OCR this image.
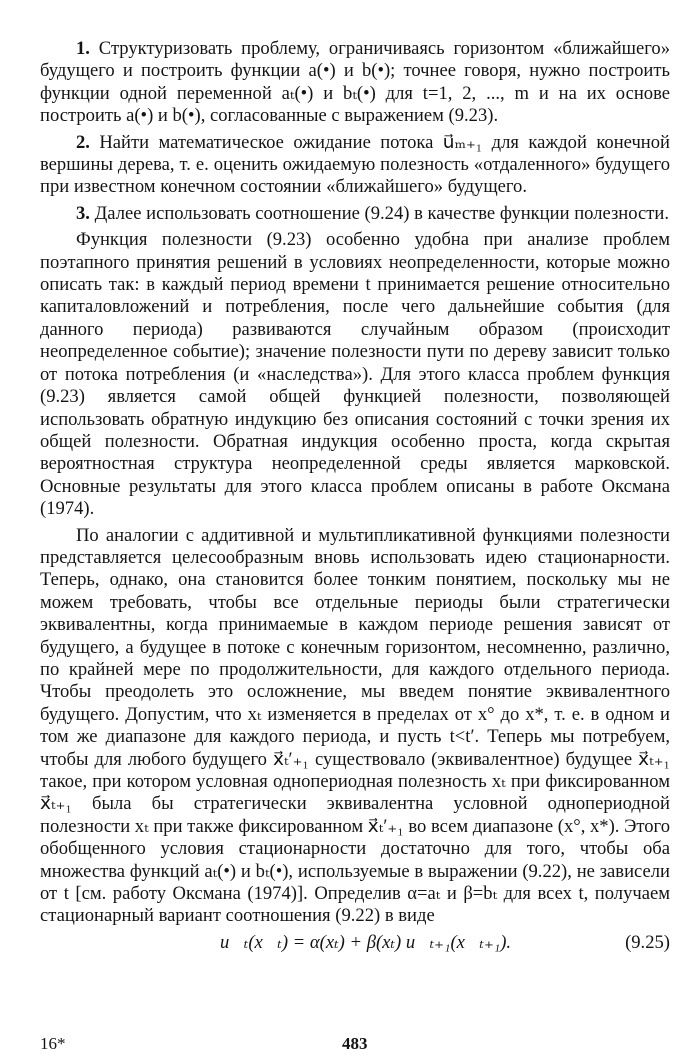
1. Структуризовать проблему, ограничиваясь горизонтом «ближайшего» будущего и построить функции a(•) и b(•); точнее говоря, нужно построить функции одной переменной aₜ(•) и bₜ(•) для t=1, 2, ..., m и на их основе построить a(•) и b(•), согласованные с выражением (9.23).

2. Найти математическое ожидание потока u⃗ₘ₊₁ для каждой конечной вершины дерева, т. е. оценить ожидаемую полезность «отдаленного» будущего при известном конечном состоянии «ближайшего» будущего.

3. Далее использовать соотношение (9.24) в качестве функции полезности.

Функция полезности (9.23) особенно удобна при анализе проблем поэтапного принятия решений в условиях неопределенности, которые можно описать так: в каждый период времени t принимается решение относительно капиталовложений и потребления, после чего дальнейшие события (для данного периода) развиваются случайным образом (происходит неопределенное событие); значение полезности пути по дереву зависит только от потока потребления (и «наследства»). Для этого класса проблем функция (9.23) является самой общей функцией полезности, позволяющей использовать обратную индукцию без описания состояний с точки зрения их общей полезности. Обратная индукция особенно проста, когда скрытая вероятностная структура неопределенной среды является марковской. Основные результаты для этого класса проблем описаны в работе Оксмана (1974).

По аналогии с аддитивной и мультипликативной функциями полезности представляется целесообразным вновь использовать идею стационарности. Теперь, однако, она становится более тонким понятием, поскольку мы не можем требовать, чтобы все отдельные периоды были стратегически эквивалентны, когда принимаемые в каждом периоде решения зависят от будущего, а будущее в потоке с конечным горизонтом, несомненно, различно, по крайней мере по продолжительности, для каждого отдельного периода. Чтобы преодолеть это осложнение, мы введем понятие эквивалентного будущего. Допустим, что xₜ изменяется в пределах от x° до x*, т. е. в одном и том же диапазоне для каждого периода, и пусть t<t′. Теперь мы потребуем, чтобы для любого будущего x⃗ₜ′₊₁ существовало (эквивалентное) будущее x⃗ₜ₊₁ такое, при котором условная однопериодная полезность xₜ при фиксированном x⃗ₜ₊₁ была бы стратегически эквивалентна условной однопериодной полезности xₜ при также фиксированном x⃗ₜ′₊₁ во всем диапазоне (x°, x*). Этого обобщенного условия стационарности достаточно для того, чтобы оба множества функций aₜ(•) и bₜ(•), используемые в выражении (9.22), не зависели от t [см. работу Оксмана (1974)]. Определив α=aₜ и β=bₜ для всех t, получаем стационарный вариант соотношения (9.22) в виде

u⃗ₜ(x⃗ₜ) = α(xₜ) + β(xₜ) u⃗ₜ₊₁(x⃗ₜ₊₁).	(9.25)
16*	483
